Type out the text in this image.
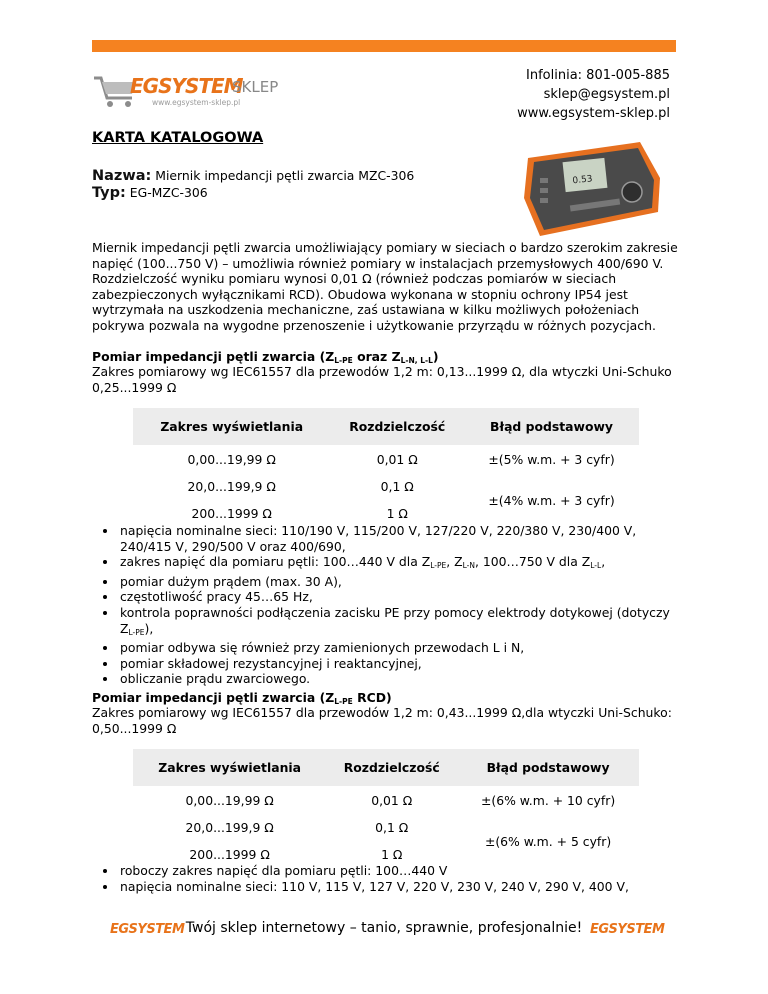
EGSYSTEM
SKLEP
www.egsystem-sklep.pl
Infolinia: 801-005-885
sklep@egsystem.pl
www.egsystem-sklep.pl
KARTA KATALOGOWA
Nazwa: Miernik impedancji pętli zwarcia MZC-306
Typ: EG-MZC-306
0.53
Miernik impedancji pętli zwarcia umożliwiający pomiary w sieciach o bardzo szerokim zakresie napięć (100...750 V) – umożliwia również pomiary w instalacjach przemysłowych 400/690 V. Rozdzielczość wyniku pomiaru wynosi 0,01 Ω (również podczas pomiarów w sieciach zabezpieczonych wyłącznikami RCD). Obudowa wykonana w stopniu ochrony IP54 jest wytrzymała na uszkodzenia mechaniczne, zaś ustawiana w kilku możliwych położeniach pokrywa pozwala na wygodne przenoszenie i użytkowanie przyrządu w różnych pozycjach.
Pomiar impedancji pętli zwarcia ($Z_{L-PE}$ oraz $Z_{L-N, L-L}$)
Zakres pomiarowy wg IEC61557 dla przewodów 1,2 m: 0,13...1999 Ω, dla wtyczki Uni-Schuko 0,25...1999 Ω
Zakres wyświetlania	Rozdzielczość	Błąd podstawowy
0,00...19,99 Ω	0,01 Ω	±(5% w.m. + 3 cyfr)
20,0...199,9 Ω	0,1 Ω	±(4% w.m. + 3 cyfr)
200...1999 Ω	1 Ω	
• napięcia nominalne sieci: 110/190 V, 115/200 V, 127/220 V, 220/380 V, 230/400 V, 240/415 V, 290/500 V oraz 400/690,
• zakres napięć dla pomiaru pętli: 100…440 V dla $Z_{L-PE}$, $Z_{L-N}$, 100…750 V dla $Z_{L-L}$,
• pomiar dużym prądem (max. 30 A),
• częstotliwość pracy 45…65 Hz,
• kontrola poprawności podłączenia zacisku PE przy pomocy elektrody dotykowej (dotyczy $Z_{L-PE}$),
• pomiar odbywa się również przy zamienionych przewodach L i N,
• pomiar składowej rezystancyjnej i reaktancyjnej,
• obliczanie prądu zwarciowego.
Pomiar impedancji pętli zwarcia ($Z_{L-PE}$ RCD)
Zakres pomiarowy wg IEC61557 dla przewodów 1,2 m: 0,43...1999 Ω,dla wtyczki Uni-Schuko: 0,50...1999 Ω
Zakres wyświetlania	Rozdzielczość	Błąd podstawowy
0,00...19,99 Ω	0,01 Ω	±(6% w.m. + 10 cyfr)
20,0...199,9 Ω	0,1 Ω	±(6% w.m. + 5 cyfr)
200...1999 Ω	1 Ω	
• roboczy zakres napięć dla pomiaru pętli: 100…440 V
• napięcia nominalne sieci: 110 V, 115 V, 127 V, 220 V, 230 V, 240 V, 290 V, 400 V,
EGSYSTEM Twój sklep internetowy – tanio, sprawnie, profesjonalnie! EGSYSTEM
